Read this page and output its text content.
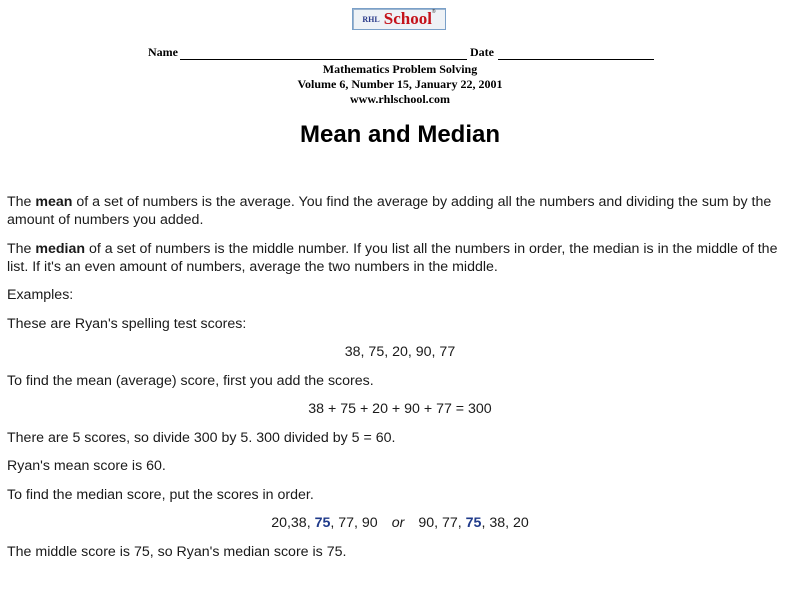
RHL School ®
Name	Date
Mathematics Problem Solving
Volume 6, Number 15, January 22, 2001
www.rhlschool.com
Mean and Median

The mean of a set of numbers is the average. You find the average by adding all the numbers and dividing the sum by the amount of numbers you added.

The median of a set of numbers is the middle number. If you list all the numbers in order, the median is in the middle of the list. If it's an even amount of numbers, average the two numbers in the middle.

Examples:

These are Ryan's spelling test scores:

38, 75, 20, 90, 77

To find the mean (average) score, first you add the scores.

38 + 75 + 20 + 90 + 77 = 300

There are 5 scores, so divide 300 by 5. 300 divided by 5 = 60.

Ryan's mean score is 60.

To find the median score, put the scores in order.

20,38, 75, 77, 90 or 90, 77, 75, 38, 20

The middle score is 75, so Ryan's median score is 75.
